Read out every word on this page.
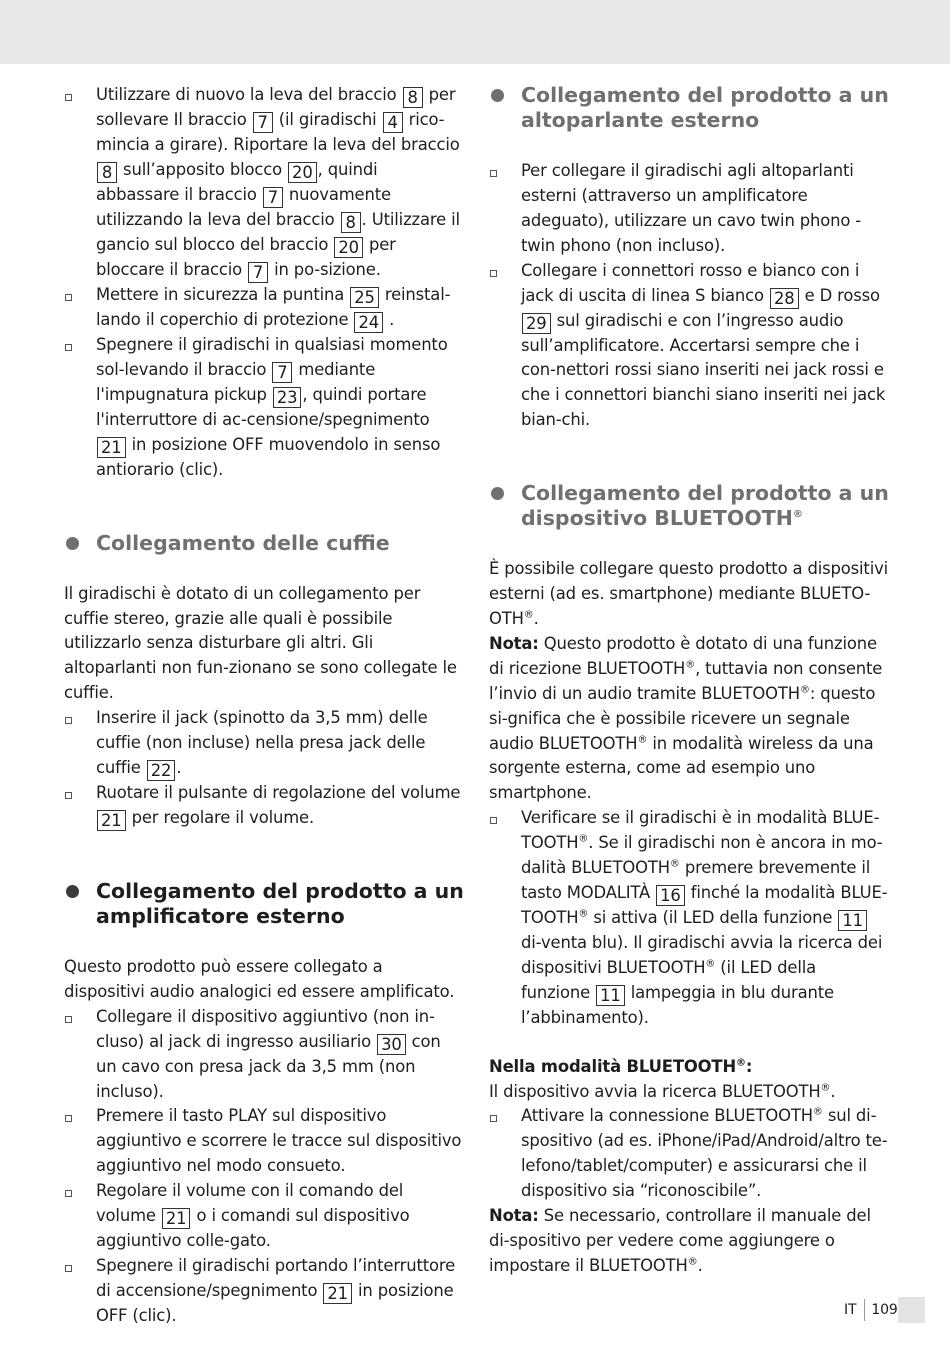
Utilizzare di nuovo la leva del braccio 8 per sollevare Il braccio 7 (il giradischi 4 rico-mincia a girare). Riportare la leva del braccio 8 sull’apposito blocco 20 , quindi abbassare il braccio 7 nuovamente utilizzando la leva del braccio 8 . Utilizzare il gancio sul blocco del braccio 20 per bloccare il braccio 7 in po-sizione.
Mettere in sicurezza la puntina 25 reinstal-lando il coperchio di protezione 24 .
Spegnere il giradischi in qualsiasi momento sol-levando il braccio 7 mediante l'impugnatura pickup 23 , quindi portare l'interruttore di ac-censione/spegnimento 21 in posizione OFF muovendolo in senso antiorario (clic).
Collegamento delle cuffie

Il giradischi è dotato di un collegamento per cuffie stereo, grazie alle quali è possibile utilizzarlo senza disturbare gli altri. Gli altoparlanti non fun-zionano se sono collegate le cuffie.

Inserire il jack (spinotto da 3,5 mm) delle cuffie (non incluse) nella presa jack delle cuffie 22 .
Ruotare il pulsante di regolazione del volume 21 per regolare il volume.
Collegamento del prodotto a un amplificatore esterno

Questo prodotto può essere collegato a dispositivi audio analogici ed essere amplificato.

Collegare il dispositivo aggiuntivo (non in-cluso) al jack di ingresso ausiliario 30 con un cavo con presa jack da 3,5 mm (non incluso).
Premere il tasto PLAY sul dispositivo aggiuntivo e scorrere le tracce sul dispositivo aggiuntivo nel modo consueto.
Regolare il volume con il comando del volume 21 o i comandi sul dispositivo aggiuntivo colle-gato.
Spegnere il giradischi portando l’interruttore di accensione/spegnimento 21 in posizione OFF (clic).
Collegamento del prodotto a un altoparlante esterno
Per collegare il giradischi agli altoparlanti esterni (attraverso un amplificatore adeguato), utilizzare un cavo twin phono - twin phono (non incluso).
Collegare i connettori rosso e bianco con i jack di uscita di linea S bianco 28 e D rosso 29 sul giradischi e con l’ingresso audio sull’amplificatore. Accertarsi sempre che i con-nettori rossi siano inseriti nei jack rossi e che i connettori bianchi siano inseriti nei jack bian-chi.
Collegamento del prodotto a un dispositivo BLUETOOTH®

È possibile collegare questo prodotto a dispositivi esterni (ad es. smartphone) mediante BLUETO-OTH®.

Nota: Questo prodotto è dotato di una funzione di ricezione BLUETOOTH®, tuttavia non consente l’invio di un audio tramite BLUETOOTH®: questo si-gnifica che è possibile ricevere un segnale audio BLUETOOTH® in modalità wireless da una sorgente esterna, come ad esempio uno smartphone.

Verificare se il giradischi è in modalità BLUE-TOOTH®. Se il giradischi non è ancora in mo-dalità BLUETOOTH® premere brevemente il tasto MODALITÀ 16 finché la modalità BLUE-TOOTH® si attiva (il LED della funzione 11 di-venta blu). Il giradischi avvia la ricerca dei dispositivi BLUETOOTH® (il LED della funzione 11 lampeggia in blu durante l’abbinamento).

Nella modalità BLUETOOTH®:

Il dispositivo avvia la ricerca BLUETOOTH®.

Attivare la connessione BLUETOOTH® sul di-spositivo (ad es. iPhone/iPad/Android/altro te-lefono/tablet/computer) e assicurarsi che il dispositivo sia “riconoscibile”.

Nota: Se necessario, controllare il manuale del di-spositivo per vedere come aggiungere o impostare il BLUETOOTH®.

IT 109
